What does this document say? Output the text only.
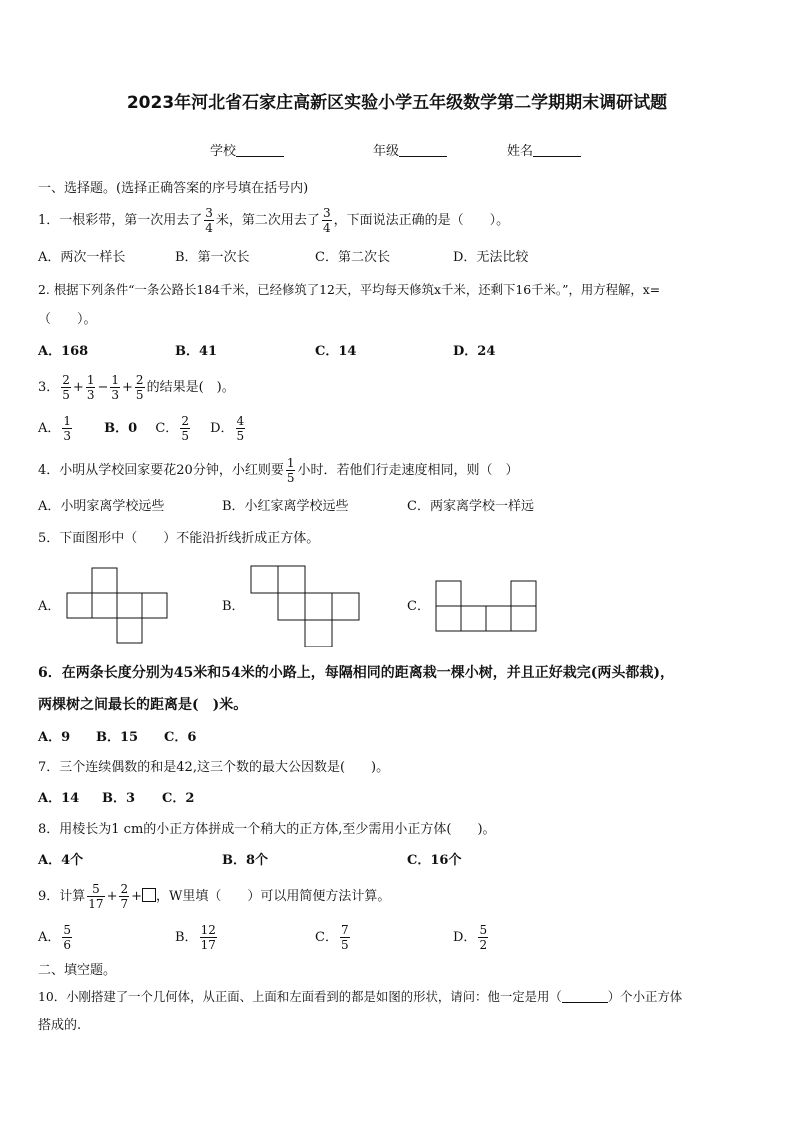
2023年河北省石家庄高新区实验小学五年级数学第二学期期末调研试题
学校	年级	姓名
一、选择题。(选择正确答案的序号填在括号内)
1．一根彩带，第一次用去了 $\frac{3}{4}$ 米，第二次用去了 $\frac{3}{4}$ ，下面说法正确的是（　　）。
A．两次一样长	B．第一次长	C．第二次长	D．无法比较
2. 根据下列条件“一条公路长184千米，已经修筑了12天，平均每天修筑x千米，还剩下16千米。”，用方程解，x=
（　　）。
A．168	B．41	C．14	D．24
3． $\frac{2}{5} + \frac{1}{3} - \frac{1}{3} + \frac{2}{5}$ 的结果是(　)。
A． $\frac{1}{3}$ B．0 C． $\frac{2}{5}$ D． $\frac{4}{5}$
4．小明从学校回家要花20分钟，小红则要 $\frac{1}{5}$ 小时．若他们行走速度相同，则（　）
A．小明家离学校远些	B．小红家离学校远些	C．两家离学校一样远
5．下面图形中（　　）不能沿折线折成正方体。
A．	B．	C．
6．在两条长度分别为45米和54米的小路上，每隔相同的距离栽一棵小树，并且正好栽完(两头都栽)，
两棵树之间最长的距离是(　)米。
A．9 B．15 C．6
7．三个连续偶数的和是42,这三个数的最大公因数是(　　)。
A．14 B．3 C．2
8．用棱长为1 cm的小正方体拼成一个稍大的正方体,至少需用小正方体(　　)。
A．4个	B．8个	C．16个
9．计算 $\frac{5}{17} + \frac{2}{7}$ + ，W里填（　　）可以用简便方法计算。
A． $\frac{5}{6}$	B． $\frac{12}{17}$	C． $\frac{7}{5}$	D． $\frac{5}{2}$
二、填空题。
10．小刚搭建了一个几何体，从正面、上面和左面看到的都是如图的形状，请问：他一定是用（	）个小正方体
搭成的.
